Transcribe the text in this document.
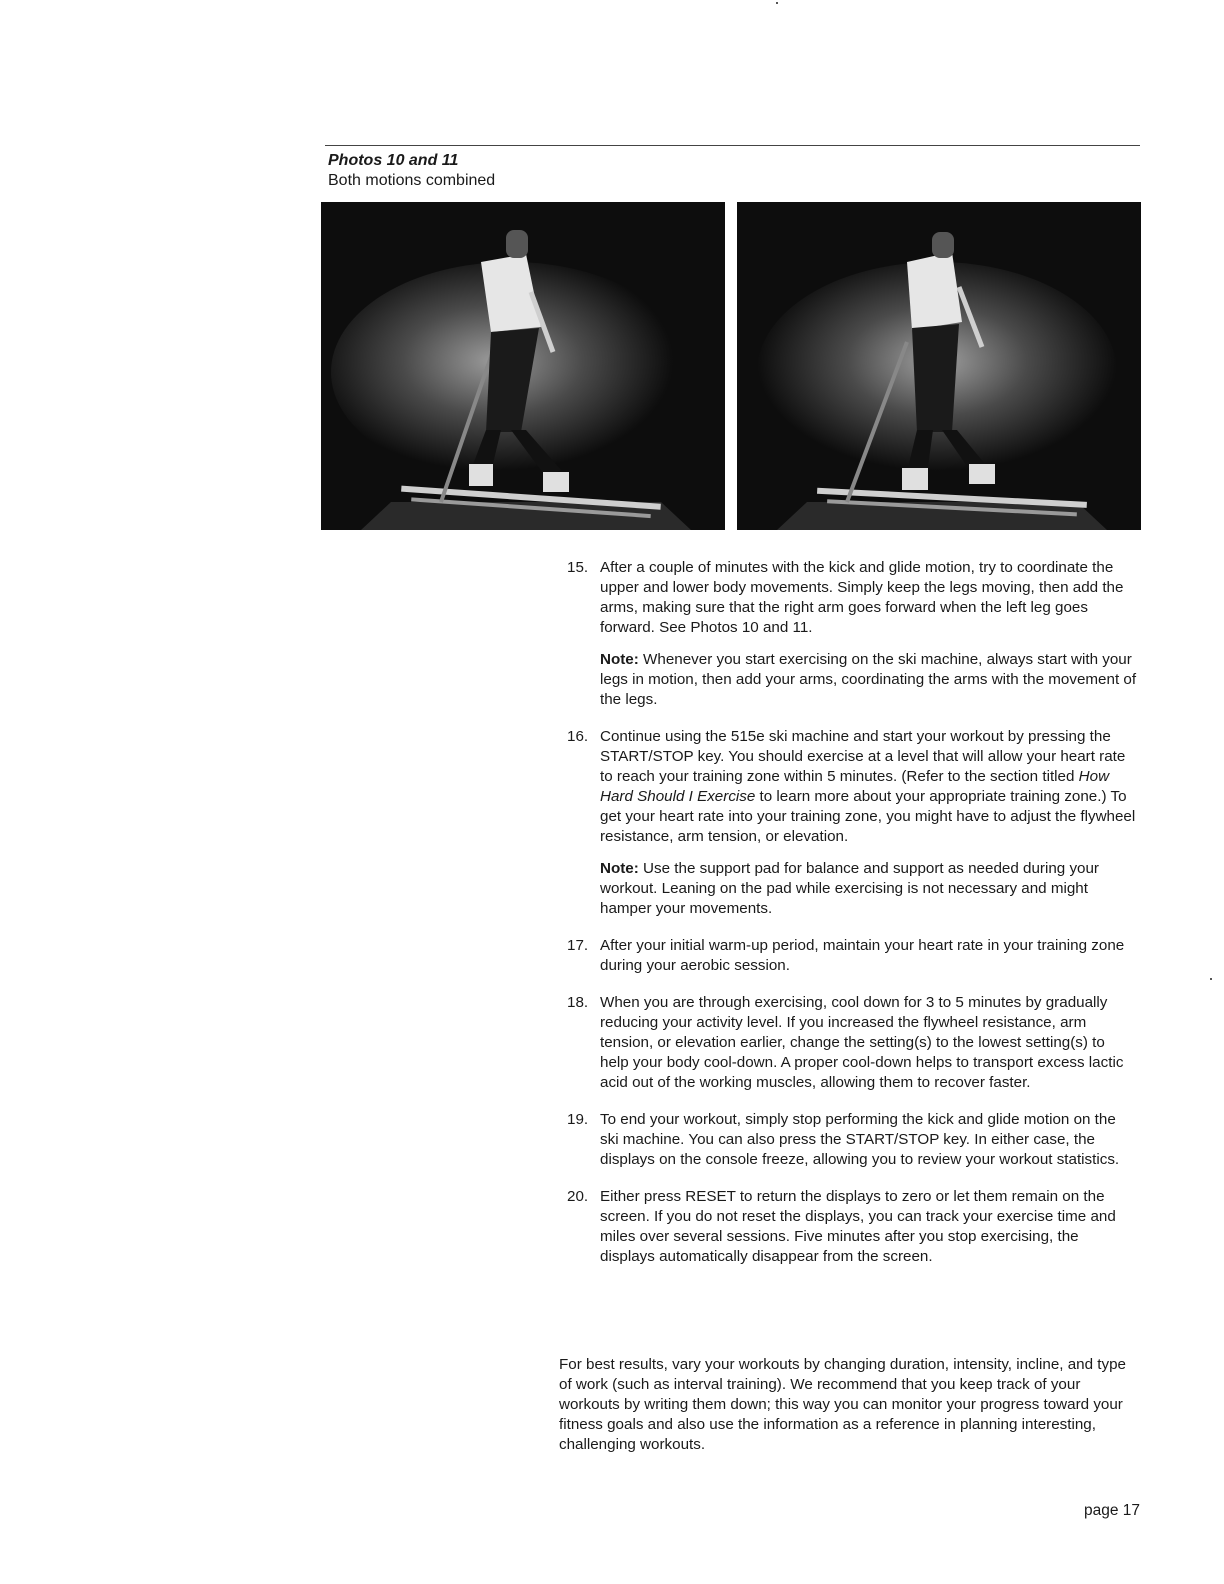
Photos 10 and 11
Both motions combined
15. After a couple of minutes with the kick and glide motion, try to coordinate the upper and lower body movements. Simply keep the legs moving, then add the arms, making sure that the right arm goes forward when the left leg goes forward. See Photos 10 and 11.

Note: Whenever you start exercising on the ski machine, always start with your legs in motion, then add your arms, coordinating the arms with the movement of the legs.

16. Continue using the 515e ski machine and start your workout by pressing the START/STOP key. You should exercise at a level that will allow your heart rate to reach your training zone within 5 minutes. (Refer to the section titled How Hard Should I Exercise to learn more about your appropriate training zone.) To get your heart rate into your training zone, you might have to adjust the flywheel resistance, arm tension, or elevation.

Note: Use the support pad for balance and support as needed during your workout. Leaning on the pad while exercising is not necessary and might hamper your movements.

17. After your initial warm-up period, maintain your heart rate in your training zone during your aerobic session.

18. When you are through exercising, cool down for 3 to 5 minutes by gradually reducing your activity level. If you increased the flywheel resistance, arm tension, or elevation earlier, change the setting(s) to the lowest setting(s) to help your body cool-down. A proper cool-down helps to transport excess lactic acid out of the working muscles, allowing them to recover faster.

19. To end your workout, simply stop performing the kick and glide motion on the ski machine. You can also press the START/STOP key. In either case, the displays on the console freeze, allowing you to review your workout statistics.

20. Either press RESET to return the displays to zero or let them remain on the screen. If you do not reset the displays, you can track your exercise time and miles over several sessions. Five minutes after you stop exercising, the displays automatically disappear from the screen.

For best results, vary your workouts by changing duration, intensity, incline, and type of work (such as interval training). We recommend that you keep track of your workouts by writing them down; this way you can monitor your progress toward your fitness goals and also use the information as a reference in planning interesting, challenging workouts.

page 17
